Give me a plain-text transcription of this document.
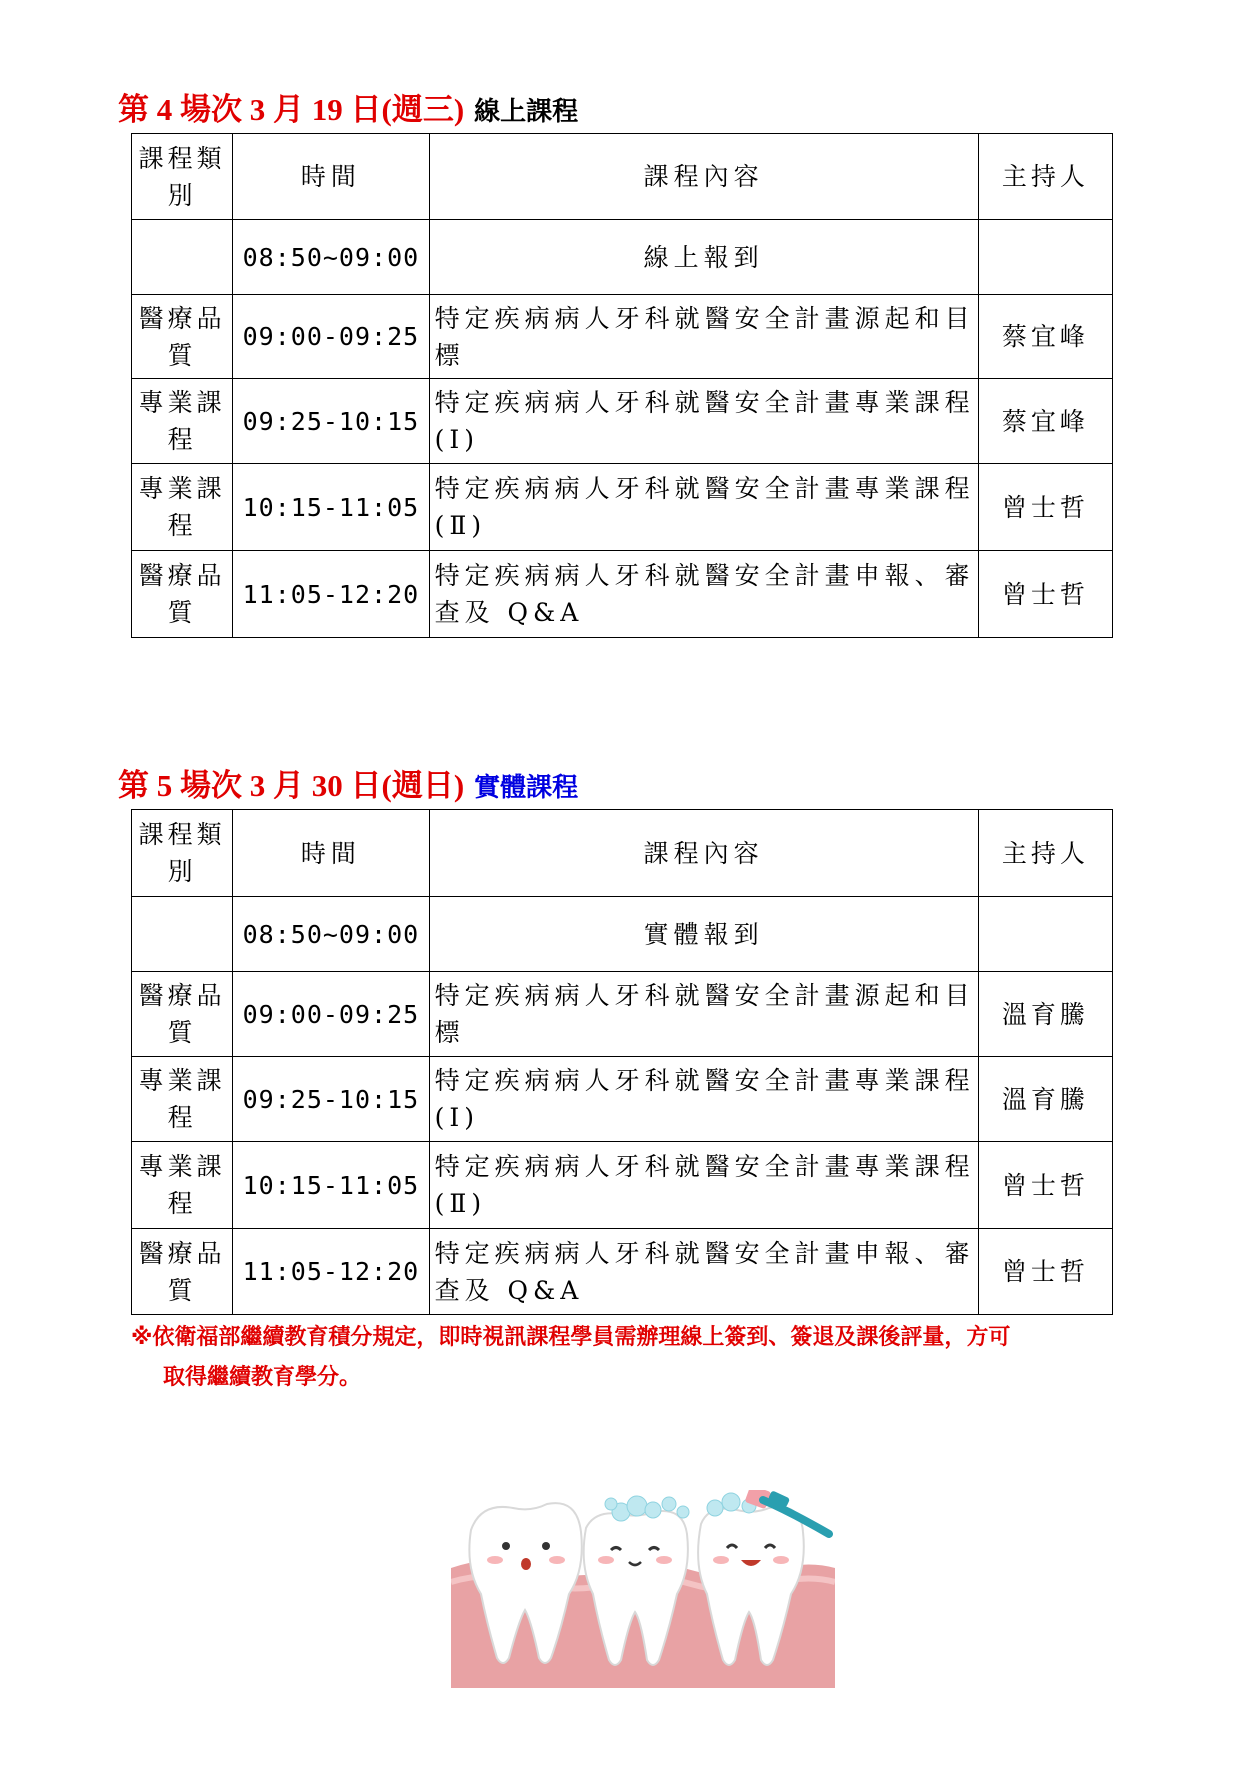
第 4 場次 3 月 19 日(週三) 線上課程
課程類別	時間	課程內容	主持人
	08:50~09:00	線上報到	
醫療品質	09:00-09:25	特定疾病病人牙科就醫安全計畫源起和目標	蔡宜峰
專業課程	09:25-10:15	特定疾病病人牙科就醫安全計畫專業課程(Ⅰ)	蔡宜峰
專業課程	10:15-11:05	特定疾病病人牙科就醫安全計畫專業課程(Ⅱ)	曾士哲
醫療品質	11:05-12:20	特定疾病病人牙科就醫安全計畫申報、審查及 Q&A	曾士哲
第 5 場次 3 月 30 日(週日) 實體課程
課程類別	時間	課程內容	主持人
	08:50~09:00	實體報到	
醫療品質	09:00-09:25	特定疾病病人牙科就醫安全計畫源起和目標	溫育騰
專業課程	09:25-10:15	特定疾病病人牙科就醫安全計畫專業課程(Ⅰ)	溫育騰
專業課程	10:15-11:05	特定疾病病人牙科就醫安全計畫專業課程(Ⅱ)	曾士哲
醫療品質	11:05-12:20	特定疾病病人牙科就醫安全計畫申報、審查及 Q&A	曾士哲
※依衛福部繼續教育積分規定，即時視訊課程學員需辦理線上簽到、簽退及課後評量，方可
取得繼續教育學分。
